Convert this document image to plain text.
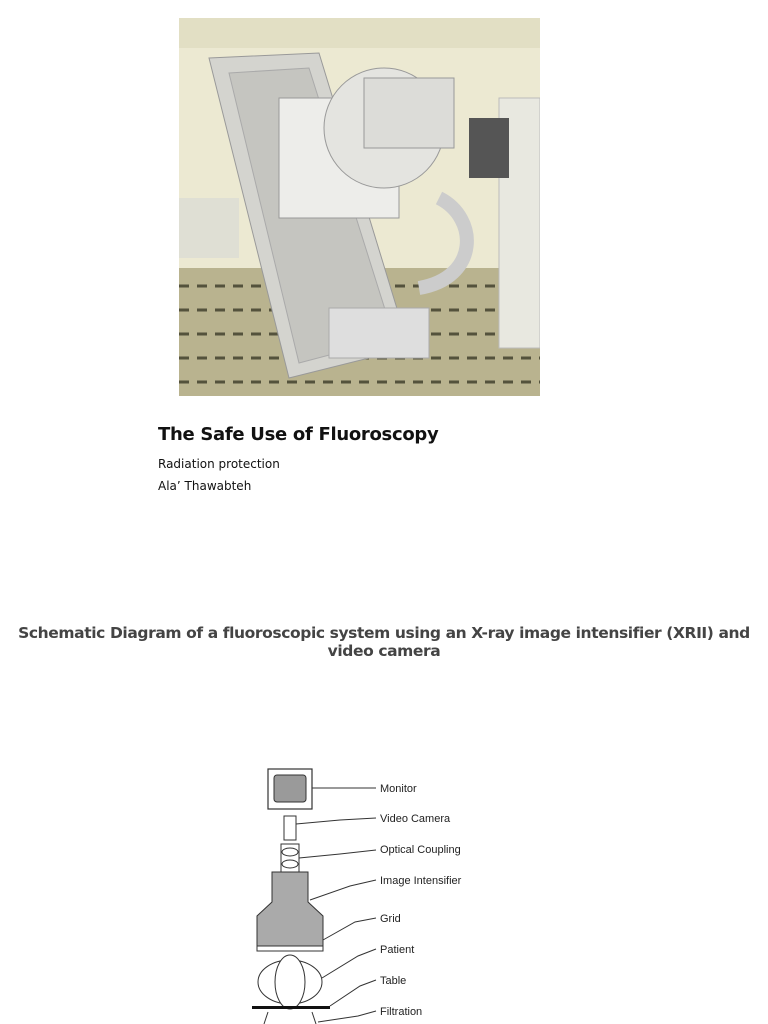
The Safe Use of Fluoroscopy
Radiation protection
Ala’ Thawabteh
Schematic Diagram of a fluoroscopic system using an X-ray image intensifier (XRII) and video camera
Monitor
Video Camera
Optical Coupling
Image Intensifier
Grid
Patient
Table
Filtration
